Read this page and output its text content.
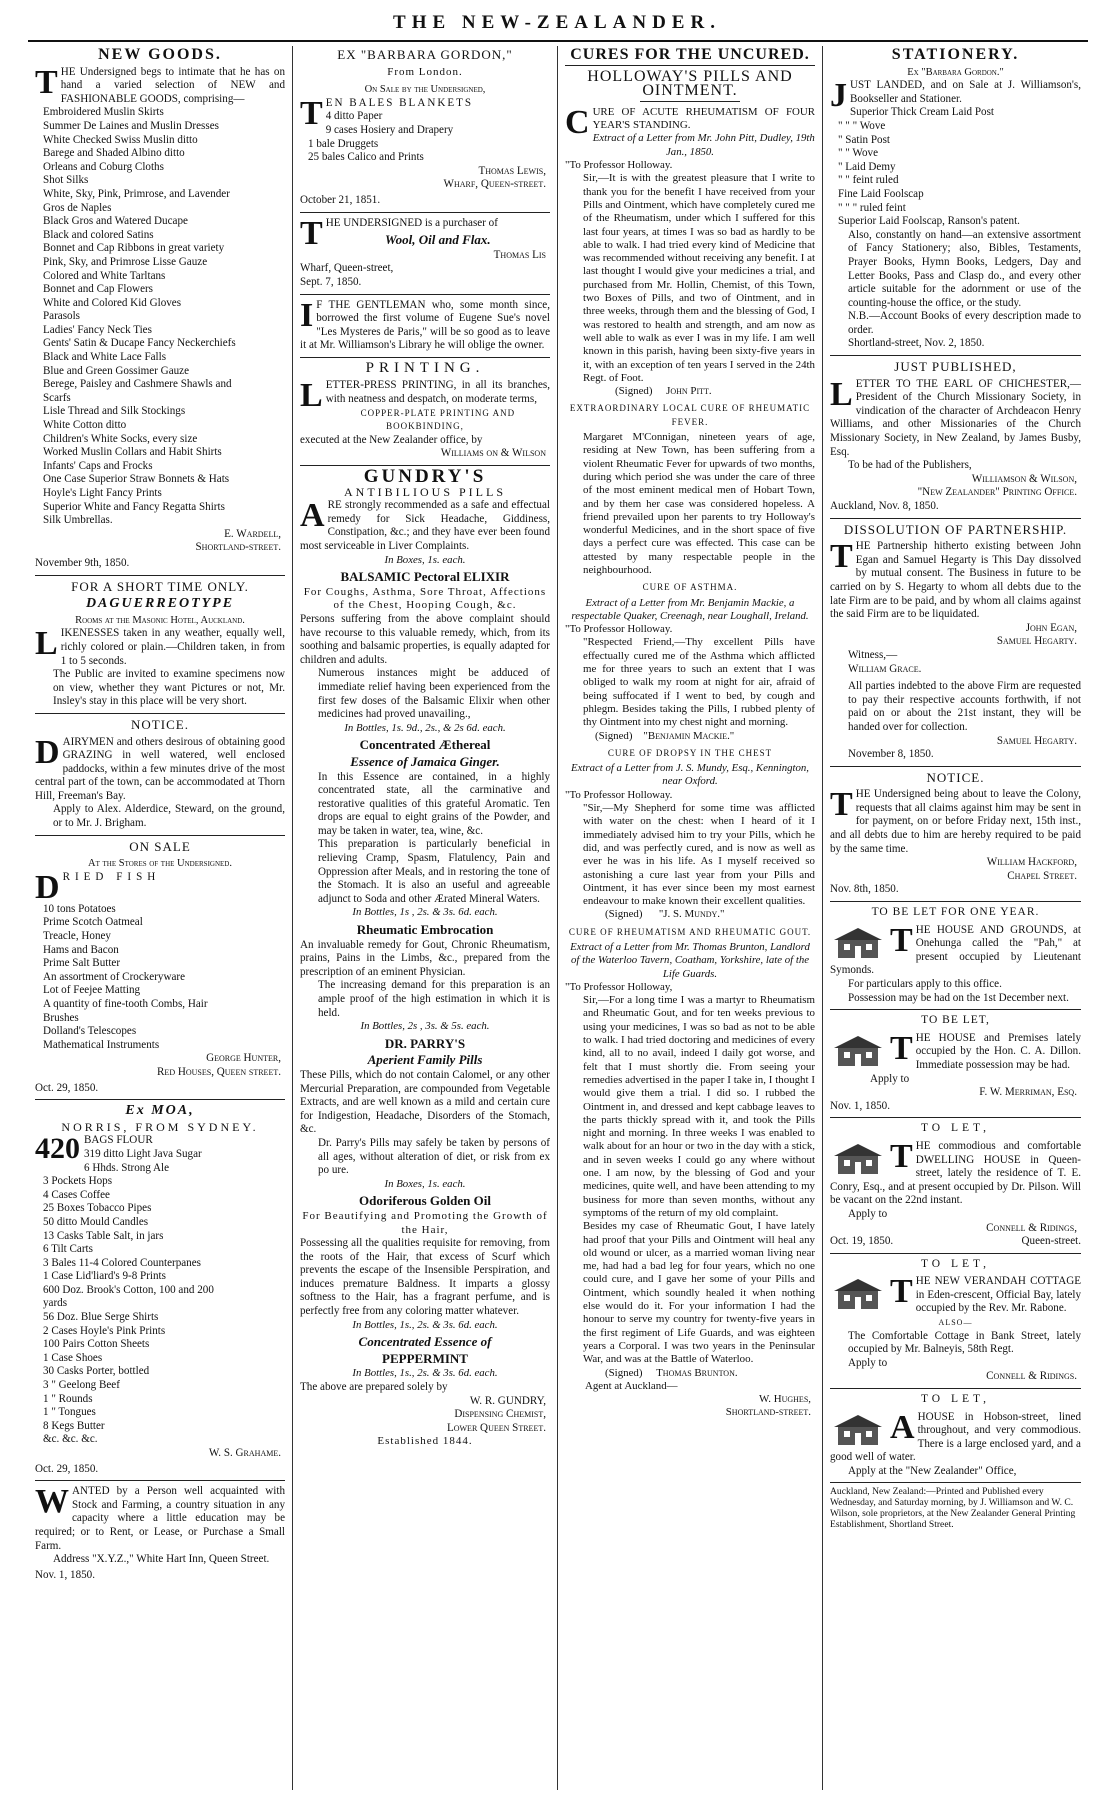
THE NEW-ZEALANDER.
NEW GOODS.

THE Undersigned begs to intimate that he has on hand a varied selection of NEW and FASHIONABLE GOODS, comprising—

Embroidered Muslin Skirts
Summer De Laines and Muslin Dresses
White Checked Swiss Muslin ditto
Barege and Shaded Albino ditto
Orleans and Coburg Cloths
Shot Silks
White, Sky, Pink, Primrose, and Lavender
Gros de Naples
Black Gros and Watered Ducape
Black and colored Satins
Bonnet and Cap Ribbons in great variety
Pink, Sky, and Primrose Lisse Gauze
Colored and White Tarltans
Bonnet and Cap Flowers
White and Colored Kid Gloves
Parasols
Ladies' Fancy Neck Ties
Gents' Satin & Ducape Fancy Neckerchiefs
Black and White Lace Falls
Blue and Green Gossimer Gauze
Berege, Paisley and Cashmere Shawls and
Scarfs
Lisle Thread and Silk Stockings
White Cotton ditto
Children's White Socks, every size
Worked Muslin Collars and Habit Shirts
Infants' Caps and Frocks
One Case Superior Straw Bonnets & Hats
Hoyle's Light Fancy Prints
Superior White and Fancy Regatta Shirts
Silk Umbrellas.
E. Wardell,
Shortland-street.
November 9th, 1850.
FOR A SHORT TIME ONLY.
DAGUERREOTYPE
Rooms at the Masonic Hotel, Auckland.

LIKENESSES taken in any weather, equally well, richly colored or plain.—Children taken, in from 1 to 5 seconds.

The Public are invited to examine specimens now on view, whether they want Pictures or not, Mr. Insley's stay in this place will be very short.

NOTICE.

DAIRYMEN and others desirous of obtaining good GRAZING in well watered, well enclosed paddocks, within a few minutes drive of the most central part of the town, can be accommodated at Thorn Hill, Freeman's Bay.

Apply to Alex. Alderdice, Steward, on the ground, or to Mr. J. Brigham.

ON SALE
At the Stores of the Undersigned.

DRIED FISH

10 tons Potatoes
Prime Scotch Oatmeal
Treacle, Honey
Hams and Bacon
Prime Salt Butter
An assortment of Crockeryware
Lot of Feejee Matting
A quantity of fine-tooth Combs, Hair
Brushes
Dolland's Telescopes
Mathematical Instruments
George Hunter,
Red Houses, Queen street.
Oct. 29, 1850.
Ex MOA,
NORRIS, FROM SYDNEY.
420 BAGS FLOUR
319 ditto Light Java Sugar
6 Hhds. Strong Ale
3 Pockets Hops
4 Cases Coffee
25 Boxes Tobacco Pipes
50 ditto Mould Candles
13 Casks Table Salt, in jars
6 Tilt Carts
3 Bales 11-4 Colored Counterpanes
1 Case Lid'liard's 9-8 Prints
600 Doz. Brook's Cotton, 100 and 200
yards
56 Doz. Blue Serge Shirts
2 Cases Hoyle's Pink Prints
100 Pairs Cotton Sheets
1 Case Shoes
30 Casks Porter, bottled
3 " Geelong Beef
1 " Rounds
1 " Tongues
8 Kegs Butter
&c. &c. &c.
W. S. Grahame.
Oct. 29, 1850.

WANTED by a Person well acquainted with Stock and Farming, a country situation in any capacity where a little education may be required; or to Rent, or Lease, or Purchase a Small Farm.

Address "X.Y.Z.," White Hart Inn, Queen Street.

Nov. 1, 1850.
EX "BARBARA GORDON,"
From London.
On Sale by the Undersigned,

TEN BALES BLANKETS

4 ditto Paper
9 cases Hosiery and Drapery
1 bale Druggets
25 bales Calico and Prints
Thomas Lewis,
Wharf, Queen-street.
October 21, 1851.

THE UNDERSIGNED is a purchaser of

Wool, Oil and Flax.
Thomas Lis
Wharf, Queen-street,
Sept. 7, 1850.

I F THE GENTLEMAN who, some month since, borrowed the first volume of Eugene Sue's novel "Les Mysteres de Paris," will be so good as to leave it at Mr. Williamson's Library he will oblige the owner.

PRINTING.

LETTER-PRESS PRINTING, in all its branches, with neatness and despatch, on moderate terms,

COPPER-PLATE PRINTING AND BOOKBINDING,
executed at the New Zealander office, by
Williams on & Wilson
GUNDRY'S
ANTIBILIOUS PILLS

ARE strongly recommended as a safe and effectual remedy for Sick Headache, Giddiness, Constipation, &c.; and they have ever been found most serviceable in Liver Complaints.

In Boxes, 1s. each.
BALSAMIC Pectoral ELIXIR
For Coughs, Asthma, Sore Throat, Affections of the Chest, Hooping Cough, &c.

Persons suffering from the above complaint should have recourse to this valuable remedy, which, from its soothing and balsamic properties, is equally adapted for children and adults.

Numerous instances might be adduced of immediate relief having been experienced from the first few doses of the Balsamic Elixir when other medicines had proved unavailing.,

In Bottles, 1s. 9d., 2s., & 2s 6d. each.
Concentrated Æthereal
Essence of Jamaica Ginger.

In this Essence are contained, in a highly concentrated state, all the carminative and restorative qualities of this grateful Aromatic. Ten drops are equal to eight grains of the Powder, and may be taken in water, tea, wine, &c.

This preparation is particularly beneficial in relieving Cramp, Spasm, Flatulency, Pain and Oppression after Meals, and in restoring the tone of the Stomach. It is also an useful and agreeable adjunct to Soda and other Ærated Mineral Waters.

In Bottles, 1s , 2s. & 3s. 6d. each.
Rheumatic Embrocation

An invaluable remedy for Gout, Chronic Rheumatism, prains, Pains in the Limbs, &c., prepared from the prescription of an eminent Physician.

The increasing demand for this preparation is an ample proof of the high estimation in which it is held.

In Bottles, 2s , 3s. & 5s. each.
DR. PARRY'S
Aperient Family Pills

These Pills, which do not contain Calomel, or any other Mercurial Preparation, are compounded from Vegetable Extracts, and are well known as a mild and certain cure for Indigestion, Headache, Disorders of the Stomach, &c.

Dr. Parry's Pills may safely be taken by persons of all ages, without alteration of diet, or risk from ex po ure.

In Boxes, 1s. each.
Odoriferous Golden Oil
For Beautifying and Promoting the Growth of the Hair,

Possessing all the qualities requisite for removing, from the roots of the Hair, that excess of Scurf which prevents the escape of the Insensible Perspiration, and induces premature Baldness. It imparts a glossy softness to the Hair, has a fragrant perfume, and is perfectly free from any coloring matter whatever.

In Bottles, 1s., 2s. & 3s. 6d. each.
Concentrated Essence of
PEPPERMINT
In Bottles, 1s., 2s. & 3s. 6d. each.
The above are prepared solely by
W. R. GUNDRY,
Dispensing Chemist,
Lower Queen Street.
Established 1844.
CURES FOR THE UNCURED.
HOLLOWAY'S PILLS AND OINTMENT.

CURE OF ACUTE RHEUMATISM OF FOUR YEAR'S STANDING.

Extract of a Letter from Mr. John Pitt, Dudley, 19th Jan., 1850.
"To Professor Holloway.

Sir,—It is with the greatest pleasure that I write to thank you for the benefit I have received from your Pills and Ointment, which have completely cured me of the Rheumatism, under which I suffered for this last four years, at times I was so bad as hardly to be able to walk. I had tried every kind of Medicine that was recommended without receiving any benefit. I at last thought I would give your medicines a trial, and purchased from Mr. Hollin, Chemist, of this Town, two Boxes of Pills, and two of Ointment, and in three weeks, through them and the blessing of God, I was restored to health and strength, and am now as well able to walk as ever I was in my life. I am well known in this parish, having been sixty-five years in it, with an exception of ten years I served in the 24th Regt. of Foot.

(Signed) John Pitt.
EXTRAORDINARY LOCAL CURE OF RHEUMATIC FEVER.

Margaret M'Connigan, nineteen years of age, residing at New Town, has been suffering from a violent Rheumatic Fever for upwards of two months, during which period she was under the care of three of the most eminent medical men of Hobart Town, and by them her case was considered hopeless. A friend prevailed upon her parents to try Holloway's wonderful Medicines, and in the short space of five days a perfect cure was effected. This case can be attested by many respectable people in the neighbourhood.

CURE OF ASTHMA.
Extract of a Letter from Mr. Benjamin Mackie, a respectable Quaker, Creenagh, near Loughall, Ireland.
"To Professor Holloway.

"Respected Friend,—Thy excellent Pills have effectually cured me of the Asthma which afflicted me for three years to such an extent that I was obliged to walk my room at night for air, afraid of being suffocated if I went to bed, by cough and phlegm. Besides taking the Pills, I rubbed plenty of thy Ointment into my chest night and morning.

(Signed) "Benjamin Mackie."
CURE OF DROPSY IN THE CHEST
Extract of a Letter from J. S. Mundy, Esq., Kennington, near Oxford.
"To Professor Holloway.

"Sir,—My Shepherd for some time was afflicted with water on the chest: when I heard of it I immediately advised him to try your Pills, which he did, and was perfectly cured, and is now as well as ever he was in his life. As I myself received so astonishing a cure last year from your Pills and Ointment, it has ever since been my most earnest endeavour to make known their excellent qualities.

(Signed) "J. S. Mundy."
CURE OF RHEUMATISM AND RHEUMATIC GOUT.
Extract of a Letter from Mr. Thomas Brunton, Landlord of the Waterloo Tavern, Coatham, Yorkshire, late of the Life Guards.
"To Professor Holloway,

Sir,—For a long time I was a martyr to Rheumatism and Rheumatic Gout, and for ten weeks previous to using your medicines, I was so bad as not to be able to walk. I had tried doctoring and medicines of every kind, all to no avail, indeed I daily got worse, and felt that I must shortly die. From seeing your remedies advertised in the paper I take in, I thought I would give them a trial. I did so. I rubbed the Ointment in, and dressed and kept cabbage leaves to the parts thickly spread with it, and took the Pills night and morning. In three weeks I was enabled to walk about for an hour or two in the day with a stick, and in seven weeks I could go any where without one. I am now, by the blessing of God and your medicines, quite well, and have been attending to my business for more than seven months, without any symptoms of the return of my old complaint.

Besides my case of Rheumatic Gout, I have lately had proof that your Pills and Ointment will heal any old wound or ulcer, as a married woman living near me, had had a bad leg for four years, which no one could cure, and I gave her some of your Pills and Ointment, which soundly healed it when nothing else would do it. For your information I had the honour to serve my country for twenty-five years in the first regiment of Life Guards, and was eighteen years a Corporal. I was two years in the Peninsular War, and was at the Battle of Waterloo.

(Signed) Thomas Brunton.
Agent at Auckland—
W. Hughes,
Shortland-street.
STATIONERY.
Ex "Barbara Gordon."

JUST LANDED, and on Sale at J. Williamson's, Bookseller and Stationer.

Superior Thick Cream Laid Post
" " " Wove
" Satin Post
" " Wove
" Laid Demy
" " feint ruled
Fine Laid Foolscap
" " " ruled feint
Superior Laid Foolscap, Ranson's patent.

Also, constantly on hand—an extensive assortment of Fancy Stationery; also, Bibles, Testaments, Prayer Books, Hymn Books, Ledgers, Day and Letter Books, Pass and Clasp do., and every other article suitable for the adornment or use of the counting-house the office, or the study.

N.B.—Account Books of every description made to order.

Shortland-street, Nov. 2, 1850.
JUST PUBLISHED,

LETTER TO THE EARL OF CHICHESTER,—President of the Church Missionary Society, in vindication of the character of Archdeacon Henry Williams, and other Missionaries of the Church Missionary Society, in New Zealand, by James Busby, Esq.

To be had of the Publishers,
Williamson & Wilson,
"New Zealander" Printing Office.
Auckland, Nov. 8, 1850.
DISSOLUTION OF PARTNERSHIP.

THE Partnership hitherto existing between John Egan and Samuel Hegarty is This Day dissolved by mutual consent. The Business in future to be carried on by S. Hegarty to whom all debts due to the late Firm are to be paid, and by whom all claims against the said Firm are to be liquidated.

John Egan,
Samuel Hegarty.
Witness,—
William Grace.

All parties indebted to the above Firm are requested to pay their respective accounts forthwith, if not paid on or about the 21st instant, they will be handed over for collection.

Samuel Hegarty.
November 8, 1850.
NOTICE.

THE Undersigned being about to leave the Colony, requests that all claims against him may be sent in for payment, on or before Friday next, 15th inst., and all debts due to him are hereby required to be paid by the same time.

William Hackford,
Chapel Street.
Nov. 8th, 1850.
TO BE LET FOR ONE YEAR.

THE HOUSE AND GROUNDS, at Onehunga called the "Pah," at present occupied by Lieutenant Symonds.

For particulars apply to this office.
Possession may be had on the 1st December next.
TO BE LET,

THE HOUSE and Premises lately occupied by the Hon. C. A. Dillon. Immediate possession may be had.

Apply to
F. W. Merriman, Esq.
Nov. 1, 1850.
TO LET,

THE commodious and comfortable DWELLING HOUSE in Queen-street, lately the residence of T. E. Conry, Esq., and at present occupied by Dr. Pilson. Will be vacant on the 22nd instant.

Apply to
Connell & Ridings,
Oct. 19, 1850.	Queen-street.
TO LET,

THE NEW VERANDAH COTTAGE in Eden-crescent, Official Bay, lately occupied by the Rev. Mr. Rabone.

ALSO—

The Comfortable Cottage in Bank Street, lately occupied by Mr. Balneyis, 58th Regt.

Apply to
Connell & Ridings.
TO LET,

AHOUSE in Hobson-street, lined throughout, and very commodious. There is a large enclosed yard, and a good well of water.

Apply at the "New Zealander" Office,
Auckland, New Zealand:—Printed and Published every Wednesday, and Saturday morning, by J. Williamson and W. C. Wilson, sole proprietors, at the New Zealander General Printing Establishment, Shortland Street.
